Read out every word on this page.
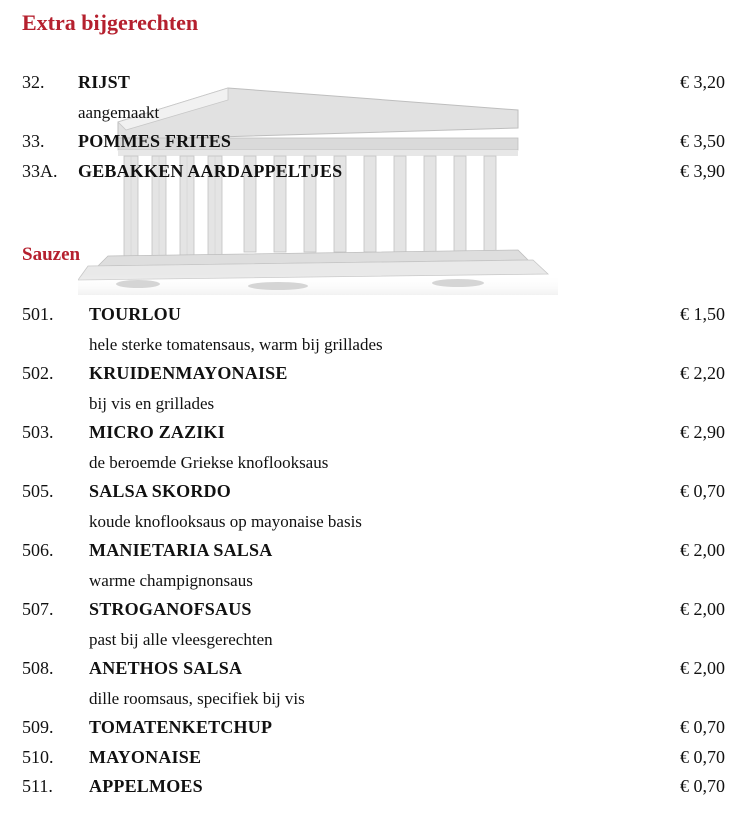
Extra bijgerechten
32. RIJST	€ 3,20
aangemaakt
33. POMMES FRITES	€ 3,50
33A. GEBAKKEN AARDAPPELTJES	€ 3,90
Sauzen
501. TOURLOU	€ 1,50
hele sterke tomatensaus, warm bij grillades
502. KRUIDENMAYONAISE	€ 2,20
bij vis en grillades
503. MICRO ZAZIKI	€ 2,90
de beroemde Griekse knoflooksaus
505. SALSA SKORDO	€ 0,70
koude knoflooksaus op mayonaise basis
506. MANIETARIA SALSA	€ 2,00
warme champignonsaus
507. STROGANOFSAUS	€ 2,00
past bij alle vleesgerechten
508. ANETHOS SALSA	€ 2,00
dille roomsaus, specifiek bij vis
509. TOMATENKETCHUP	€ 0,70
510. MAYONAISE	€ 0,70
511. APPELMOES	€ 0,70
